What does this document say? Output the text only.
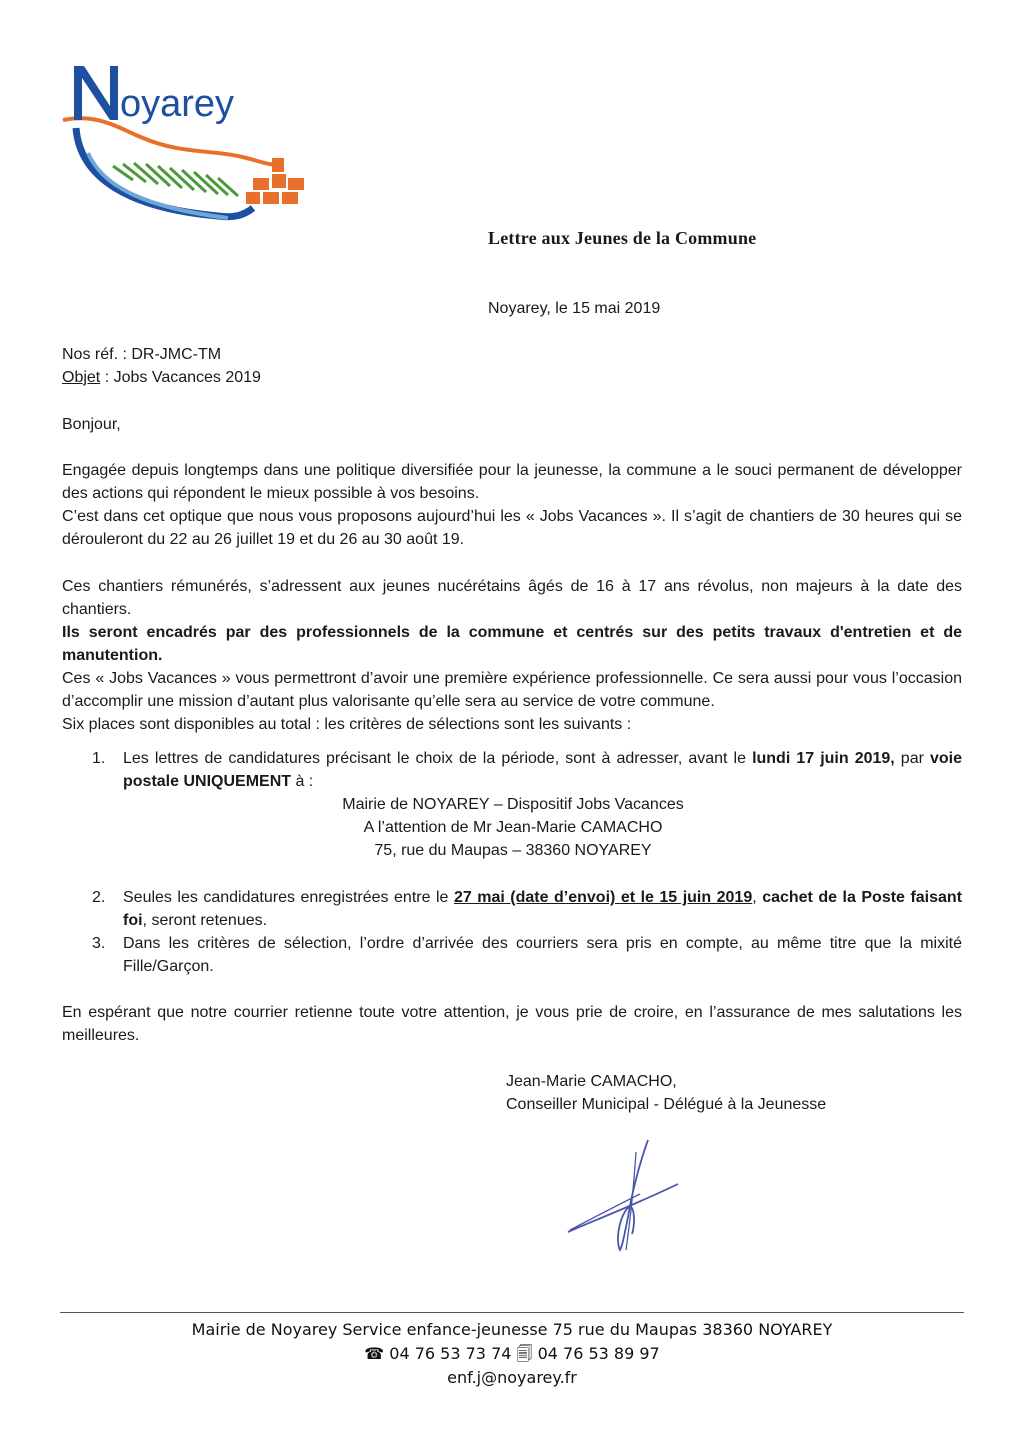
oyarey
Lettre aux Jeunes de la Commune
Noyarey, le 15 mai 2019
Nos réf. : DR-JMC-TM
Objet : Jobs Vacances 2019
Bonjour,
Engagée depuis longtemps dans une politique diversifiée pour la jeunesse, la commune a le souci permanent de développer des actions qui répondent le mieux possible à vos besoins.
C’est dans cet optique que nous vous proposons aujourd’hui les « Jobs Vacances ». Il s’agit de chantiers de 30 heures qui se dérouleront du 22 au 26 juillet 19 et du 26 au 30 août 19.
Ces chantiers rémunérés, s’adressent aux jeunes nucérétains âgés de 16 à 17 ans révolus, non majeurs à la date des chantiers.
Ils seront encadrés par des professionnels de la commune et centrés sur des petits travaux d'entretien et de manutention.
Ces « Jobs Vacances » vous permettront d’avoir une première expérience professionnelle. Ce sera aussi pour vous l’occasion d’accomplir une mission d’autant plus valorisante qu’elle sera au service de votre commune.
Six places sont disponibles au total : les critères de sélections sont les suivants :
1. Les lettres de candidatures précisant le choix de la période, sont à adresser, avant le lundi 17 juin 2019, par voie postale UNIQUEMENT à :
Mairie de NOYAREY – Dispositif Jobs Vacances
A l’attention de Mr Jean-Marie CAMACHO
75, rue du Maupas – 38360 NOYAREY
2. Seules les candidatures enregistrées entre le 27 mai (date d’envoi) et le 15 juin 2019, cachet de la Poste faisant foi, seront retenues.
3. Dans les critères de sélection, l’ordre d’arrivée des courriers sera pris en compte, au même titre que la mixité Fille/Garçon.
En espérant que notre courrier retienne toute votre attention, je vous prie de croire, en l’assurance de mes salutations les meilleures.
Jean-Marie CAMACHO,
Conseiller Municipal - Délégué à la Jeunesse
Mairie de Noyarey Service enfance-jeunesse 75 rue du Maupas 38360 NOYAREY
☎ 04 76 53 73 74 🗐 04 76 53 89 97
enf.j@noyarey.fr
